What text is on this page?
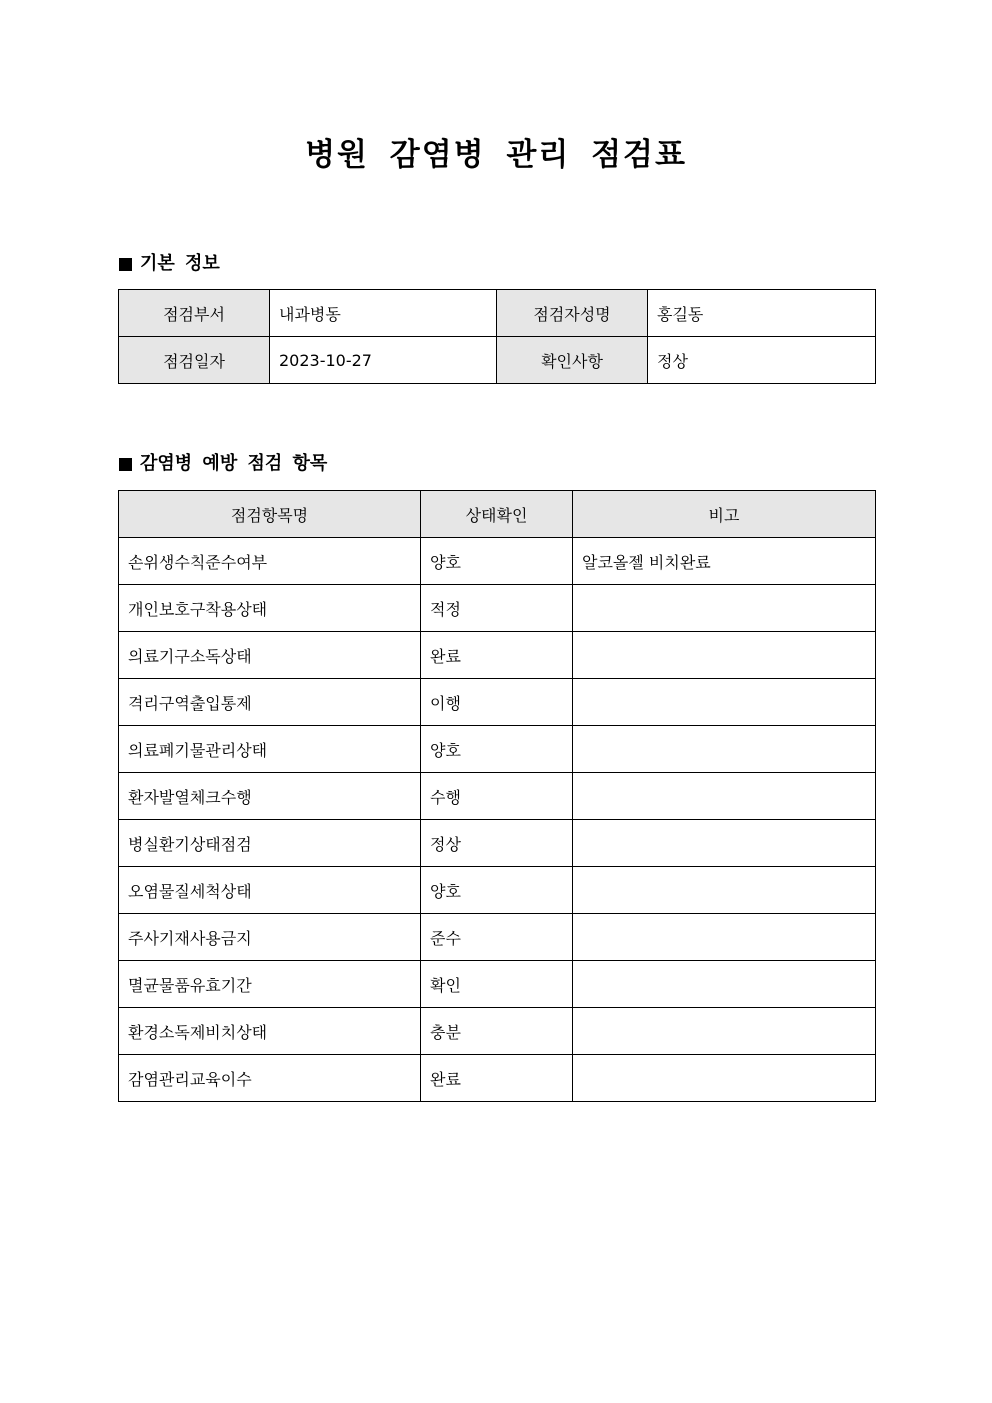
병원 감염병 관리 점검표
기본 정보
점검부서	내과병동	점검자성명	홍길동
점검일자	2023-10-27	확인사항	정상
감염병 예방 점검 항목
점검항목명	상태확인	비고
손위생수칙준수여부	양호	알코올젤 비치완료
개인보호구착용상태	적정	
의료기구소독상태	완료	
격리구역출입통제	이행	
의료폐기물관리상태	양호	
환자발열체크수행	수행	
병실환기상태점검	정상	
오염물질세척상태	양호	
주사기재사용금지	준수	
멸균물품유효기간	확인	
환경소독제비치상태	충분	
감염관리교육이수	완료	
